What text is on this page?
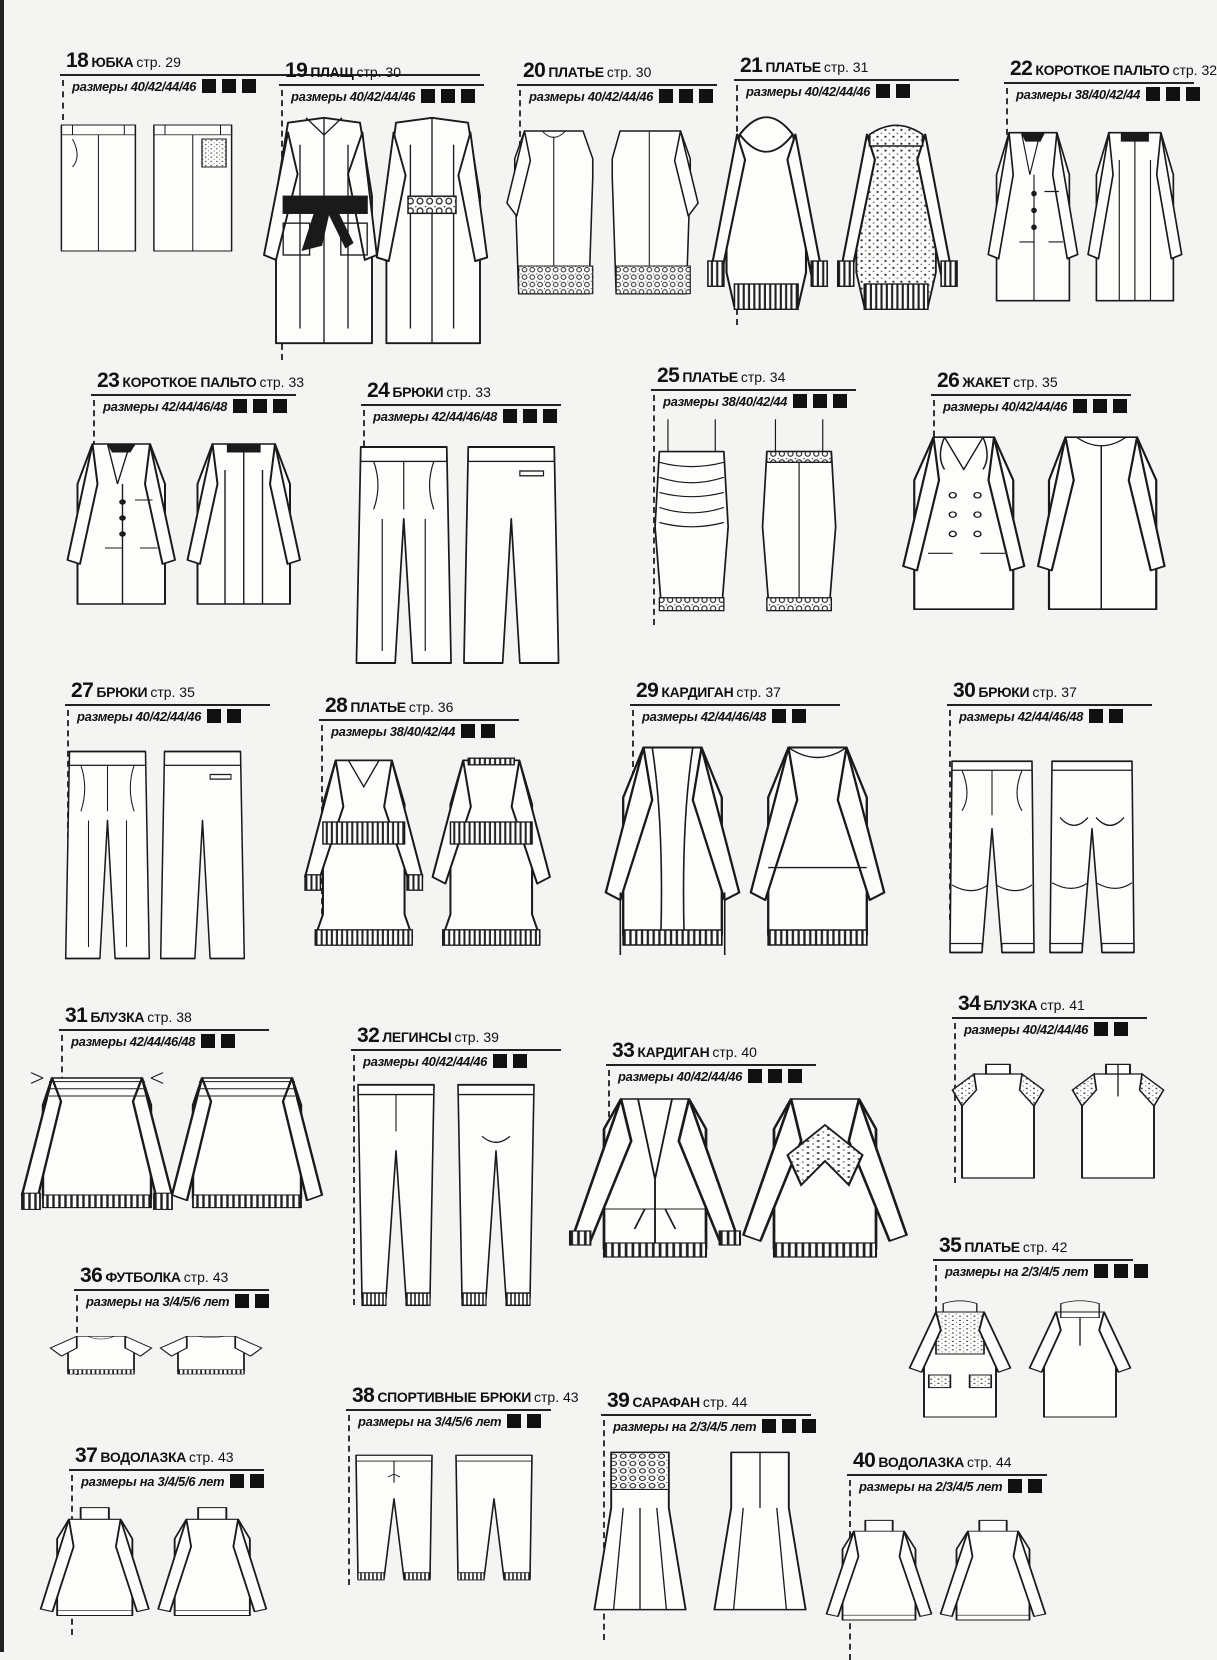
18 ЮБКА стр. 29
размеры 40/42/44/46
19 ПЛАЩ стр. 30
размеры 40/42/44/46
20 ПЛАТЬЕ стр. 30
размеры 40/42/44/46
21 ПЛАТЬЕ стр. 31
размеры 40/42/44/46
22 КОРОТКОЕ ПАЛЬТО стр. 32
размеры 38/40/42/44
23 КОРОТКОЕ ПАЛЬТО стр. 33
размеры 42/44/46/48
24 БРЮКИ стр. 33
размеры 42/44/46/48
25 ПЛАТЬЕ стр. 34
размеры 38/40/42/44
26 ЖАКЕТ стр. 35
размеры 40/42/44/46
27 БРЮКИ стр. 35
размеры 40/42/44/46	28 ПЛАТЬЕ стр. 36
размеры 38/40/42/44
29 КАРДИГАН стр. 37
размеры 42/44/46/48
30 БРЮКИ стр. 37
размеры 42/44/46/48
31 БЛУЗКА стр. 38
размеры 42/44/46/48	32 ЛЕГИНСЫ стр. 39
размеры 40/42/44/46	33 КАРДИГАН стр. 40
размеры 40/42/44/46
34 БЛУЗКА стр. 41
размеры 40/42/44/46
35 ПЛАТЬЕ стр. 42
размеры на 2/3/4/5 лет
36 ФУТБОЛКА стр. 43
размеры на 3/4/5/6 лет
37 ВОДОЛАЗКА стр. 43
размеры на 3/4/5/6 лет
38 СПОРТИВНЫЕ БРЮКИ стр. 43
размеры на 3/4/5/6 лет
39 САРАФАН стр. 44
размеры на 2/3/4/5 лет
40 ВОДОЛАЗКА стр. 44
размеры на 2/3/4/5 лет
